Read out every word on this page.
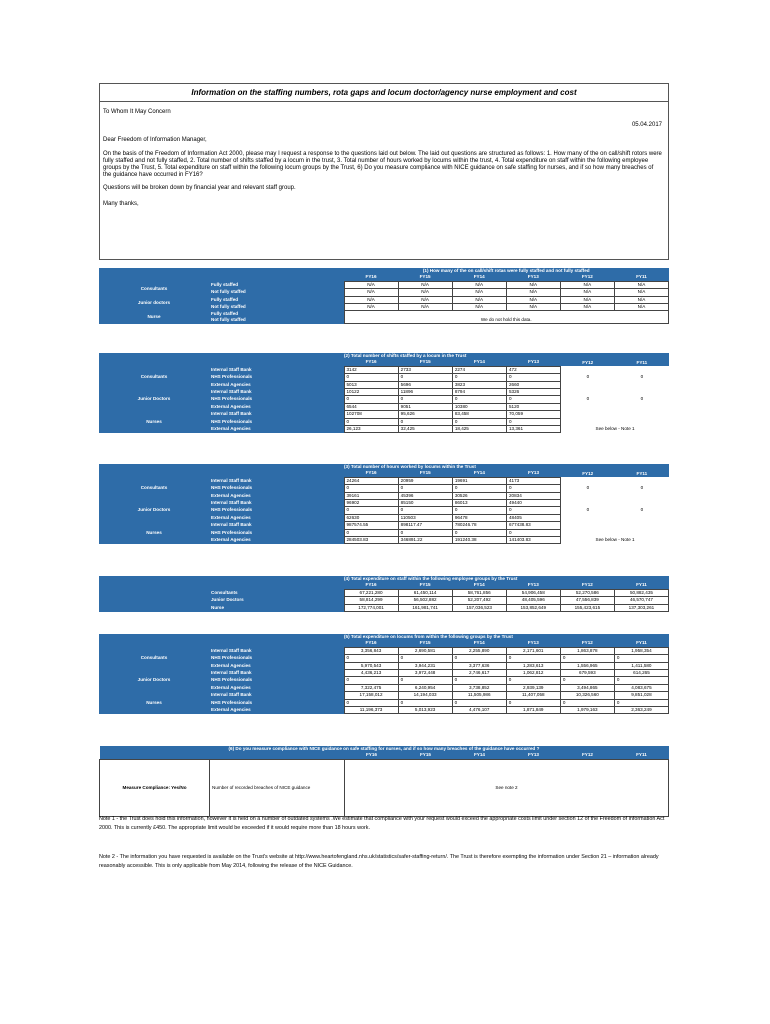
Information on the staffing numbers, rota gaps and locum doctor/agency nurse employment and cost
To Whom It May Concern
05.04.2017
Dear Freedom of Information Manager,
On the basis of the Freedom of Information Act 2000, please may I request a response to the questions laid out below. The laid out questions are structured as follows: 1. How many of the on call/shift rotors were fully staffed and not fully staffed, 2. Total number of shifts staffed by a locum in the trust, 3. Total number of hours worked by locums within the trust, 4. Total expenditure on staff within the following employee groups by the Trust, 5. Total expenditure on staff within the following locum groups by the Trust, 6) Do you measure compliance with NICE guidance on safe staffing for nurses, and if so how many breaches of the guidance have occurred in FY16?
Questions will be broken down by financial year and relevant staff group.
Many thanks,
		(1) How many of the on call/shift rotas were fully staffed and not fully staffed					
		FY16	FY15	FY14	FY13	FY12	FY11
Consultants	Fully staffed	N/A	N/A	N/A	N/A	N/A	N/A
	Not fully staffed	N/A	N/A	N/A	N/A	N/A	N/A
Junior doctors	Fully staffed	N/A	N/A	N/A	N/A	N/A	N/A
	Not fully staffed	N/A	N/A	N/A	N/A	N/A	N/A
Nurse	Fully staffed	We do not hold this data.					
	Not fully staffed						
		(2) Total number of shifts staffed by a locum in the Trust					
		FY16	FY15	FY14	FY13	FY12	FY11
Consultants	Internal Staff Bank	3142	2733	2274	472		
	NHS Professionals	0	0	0	0	0	0
	External Agencies	5013	5696	3823	2660		
Junior Doctors	Internal Staff Bank	10122	11896	8794	5326		
	NHS Professionals	0	0	0	0	0	0
	External Agencies	6544	9051	10380	5120		
Nurses	Internal Staff Bank	102708	95,626	83,458	70,059		
	NHS Professionals	0	0	0	0		
	External Agencies	26,123	32,425	18,425	13,361	See below - Note 1	
		(3) Total number of hours worked by locums within the Trust					
		FY16	FY15	FY14	FY13	FY12	FY11
Consultants	Internal Staff Bank	24264	20959	19691	4173		
	NHS Professionals	0	0	0	0	0	0
	External Agencies	39161	45396	30526	20834		
Junior Doctors	Internal Staff Bank	96902	85150	86013	49440		
	NHS Professionals	0	0	0	0	0	0
	External Agencies	62630	110503	96478	48405		
Nurses	Internal Staff Bank	987574.55	898117.47	780246.78	677438.83		
	NHS Professionals	0	0	0	0		
	External Agencies	284503.83	346891.22	191240.38	141403.83	See below - Note 1	
		(4) Total expenditure on staff within the following employee groups by the Trust					
		FY16	FY15	FY14	FY13	FY12	FY11
	Consultants	67,221,280	61,450,114	58,761,856	54,906,458	52,270,586	50,882,435
	Junior Doctors	58,814,299	56,502,882	52,207,492	48,405,596	47,556,839	46,570,747
	Nurse	172,774,001	161,981,741	157,036,523	153,852,649	155,423,615	137,303,261
		(5) Total expenditure on locums from within the following groups by the Trust					
		FY16	FY15	FY14	FY13	FY12	FY11
Consultants	Internal Staff Bank	3,356,843	2,690,581	2,255,890	2,171,601	1,863,878	1,958,354
	NHS Professionals	0	0	0	0	0	0
	External Agencies	5,970,543	3,944,231	3,377,636	1,283,613	1,556,965	1,411,580
Junior Doctors	Internal Staff Bank	4,436,213	3,972,448	2,746,617	1,062,812	679,593	614,265
	NHS Professionals	0	0	0	0	0	0
	External Agencies	7,322,475	6,240,954	3,738,852	2,939,139	3,494,865	4,083,675
Nurses	Internal Staff Bank	17,158,012	14,194,033	11,505,986	11,407,058	10,326,560	9,851,028
	NHS Professionals	0	0	0	0	0	0
	External Agencies	11,196,373	5,013,923	4,476,107	1,871,849	1,979,163	2,363,249
(6) Do you measure compliance with NICE guidance on safe staffing for nurses, and if so how many breaches of the guidance have occurred ?							
		FY16	FY15	FY14	FY13	FY12	FY11
Measure Compliance: Yes/No	Number of recorded breaches of NICE guidance	See note 2					
Note 1 - the Trust does hold this information, however it is held on a number of outdated systems .We estimate that compliance with your request would exceed the appropriate costs limit under section 12 of the Freedom of information Act 2000. This is currently £450. The appropriate limit would be exceeded if it would require more than 18 hours work.
Note 2 - The information you have requested is available on the Trust's website at http://www.heartofengland.nhs.uk/statistics/safer-staffing-return/. The Trust is therefore exempting the information under Section 21 – information already reasonably accessible. This is only applicable from May 2014, following the release of the NICE Guidance.
